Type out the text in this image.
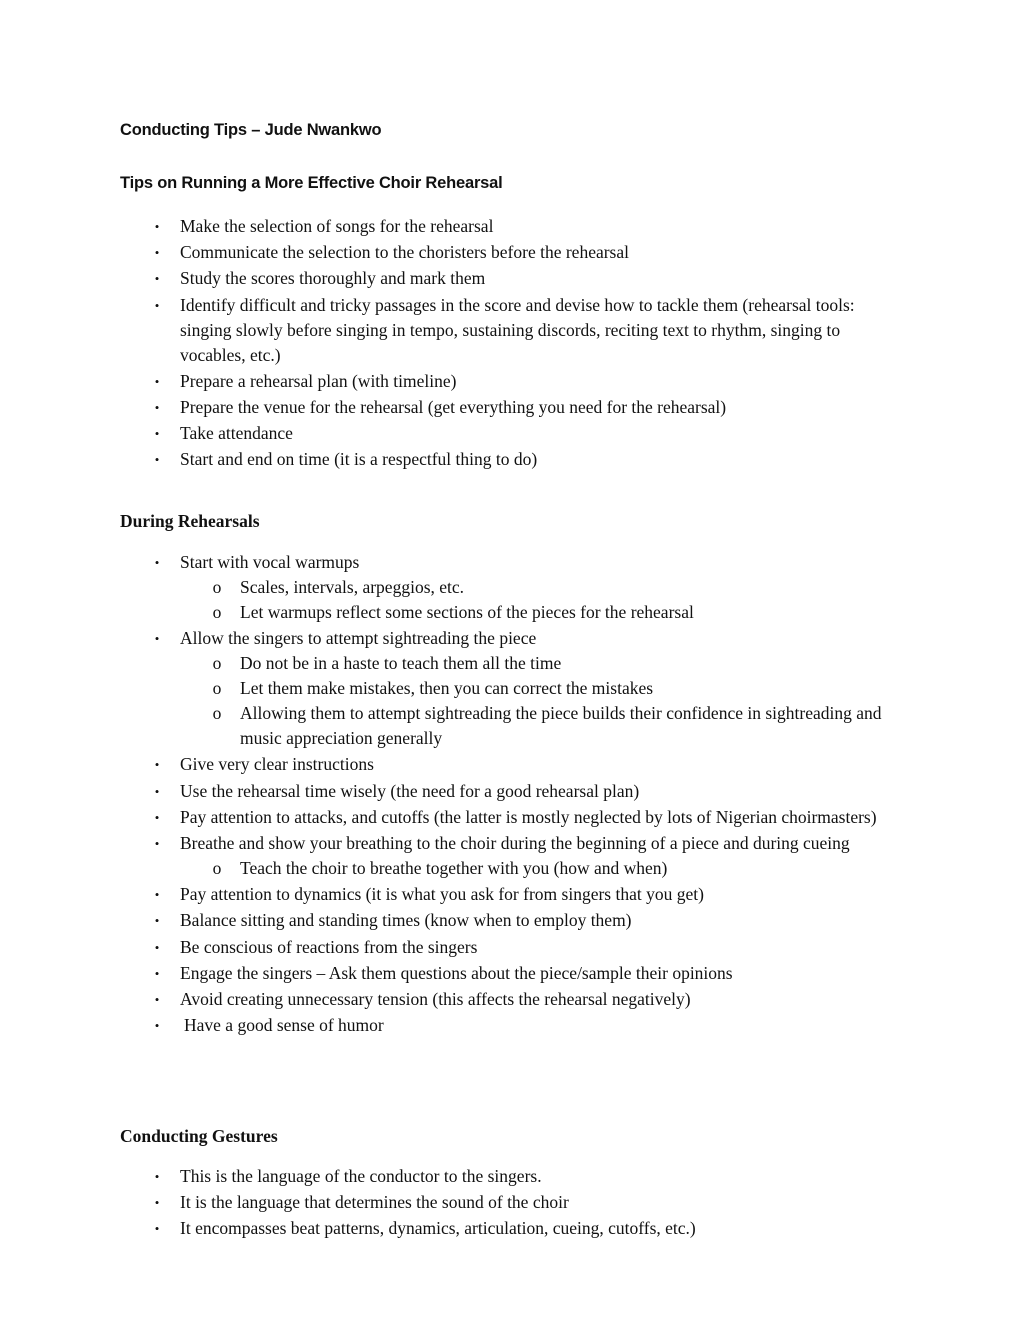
Conducting Tips – Jude Nwankwo
Tips on Running a More Effective Choir Rehearsal
• Make the selection of songs for the rehearsal
• Communicate the selection to the choristers before the rehearsal
• Study the scores thoroughly and mark them
• Identify difficult and tricky passages in the score and devise how to tackle them (rehearsal tools: singing slowly before singing in tempo, sustaining discords, reciting text to rhythm, singing to vocables, etc.)
• Prepare a rehearsal plan (with timeline)
• Prepare the venue for the rehearsal (get everything you need for the rehearsal)
• Take attendance
• Start and end on time (it is a respectful thing to do)
During Rehearsals
• Start with vocal warmups
o Scales, intervals, arpeggios, etc.
o Let warmups reflect some sections of the pieces for the rehearsal
• Allow the singers to attempt sightreading the piece
o Do not be in a haste to teach them all the time
o Let them make mistakes, then you can correct the mistakes
o Allowing them to attempt sightreading the piece builds their confidence in sightreading and music appreciation generally
• Give very clear instructions
• Use the rehearsal time wisely (the need for a good rehearsal plan)
• Pay attention to attacks, and cutoffs (the latter is mostly neglected by lots of Nigerian choirmasters)
• Breathe and show your breathing to the choir during the beginning of a piece and during cueing
o Teach the choir to breathe together with you (how and when)
• Pay attention to dynamics (it is what you ask for from singers that you get)
• Balance sitting and standing times (know when to employ them)
• Be conscious of reactions from the singers
• Engage the singers – Ask them questions about the piece/sample their opinions
• Avoid creating unnecessary tension (this affects the rehearsal negatively)
• Have a good sense of humor
Conducting Gestures
• This is the language of the conductor to the singers.
• It is the language that determines the sound of the choir
• It encompasses beat patterns, dynamics, articulation, cueing, cutoffs, etc.)
